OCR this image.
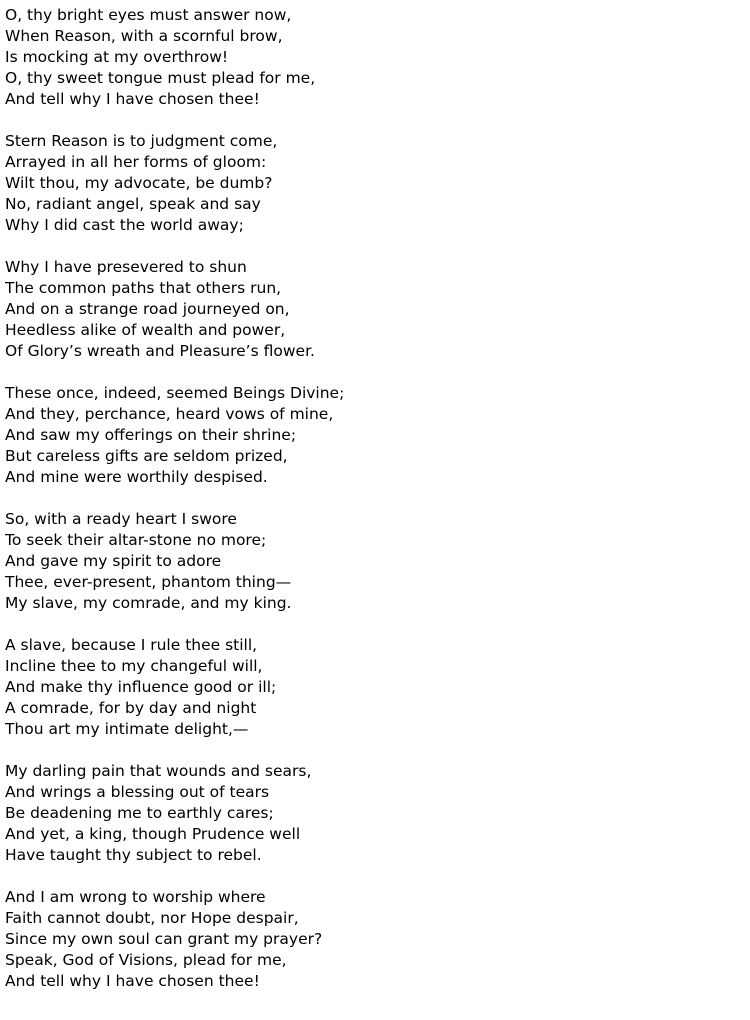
O, thy bright eyes must answer now,
When Reason, with a scornful brow,
Is mocking at my overthrow!
O, thy sweet tongue must plead for me,
And tell why I have chosen thee!
Stern Reason is to judgment come,
Arrayed in all her forms of gloom:
Wilt thou, my advocate, be dumb?
No, radiant angel, speak and say
Why I did cast the world away;
Why I have presevered to shun
The common paths that others run,
And on a strange road journeyed on,
Heedless alike of wealth and power,
Of Glory’s wreath and Pleasure’s flower.
These once, indeed, seemed Beings Divine;
And they, perchance, heard vows of mine,
And saw my offerings on their shrine;
But careless gifts are seldom prized,
And mine were worthily despised.
So, with a ready heart I swore
To seek their altar-stone no more;
And gave my spirit to adore
Thee, ever-present, phantom thing—
My slave, my comrade, and my king.
A slave, because I rule thee still,
Incline thee to my changeful will,
And make thy influence good or ill;
A comrade, for by day and night
Thou art my intimate delight,—
My darling pain that wounds and sears,
And wrings a blessing out of tears
Be deadening me to earthly cares;
And yet, a king, though Prudence well
Have taught thy subject to rebel.
And I am wrong to worship where
Faith cannot doubt, nor Hope despair,
Since my own soul can grant my prayer?
Speak, God of Visions, plead for me,
And tell why I have chosen thee!
